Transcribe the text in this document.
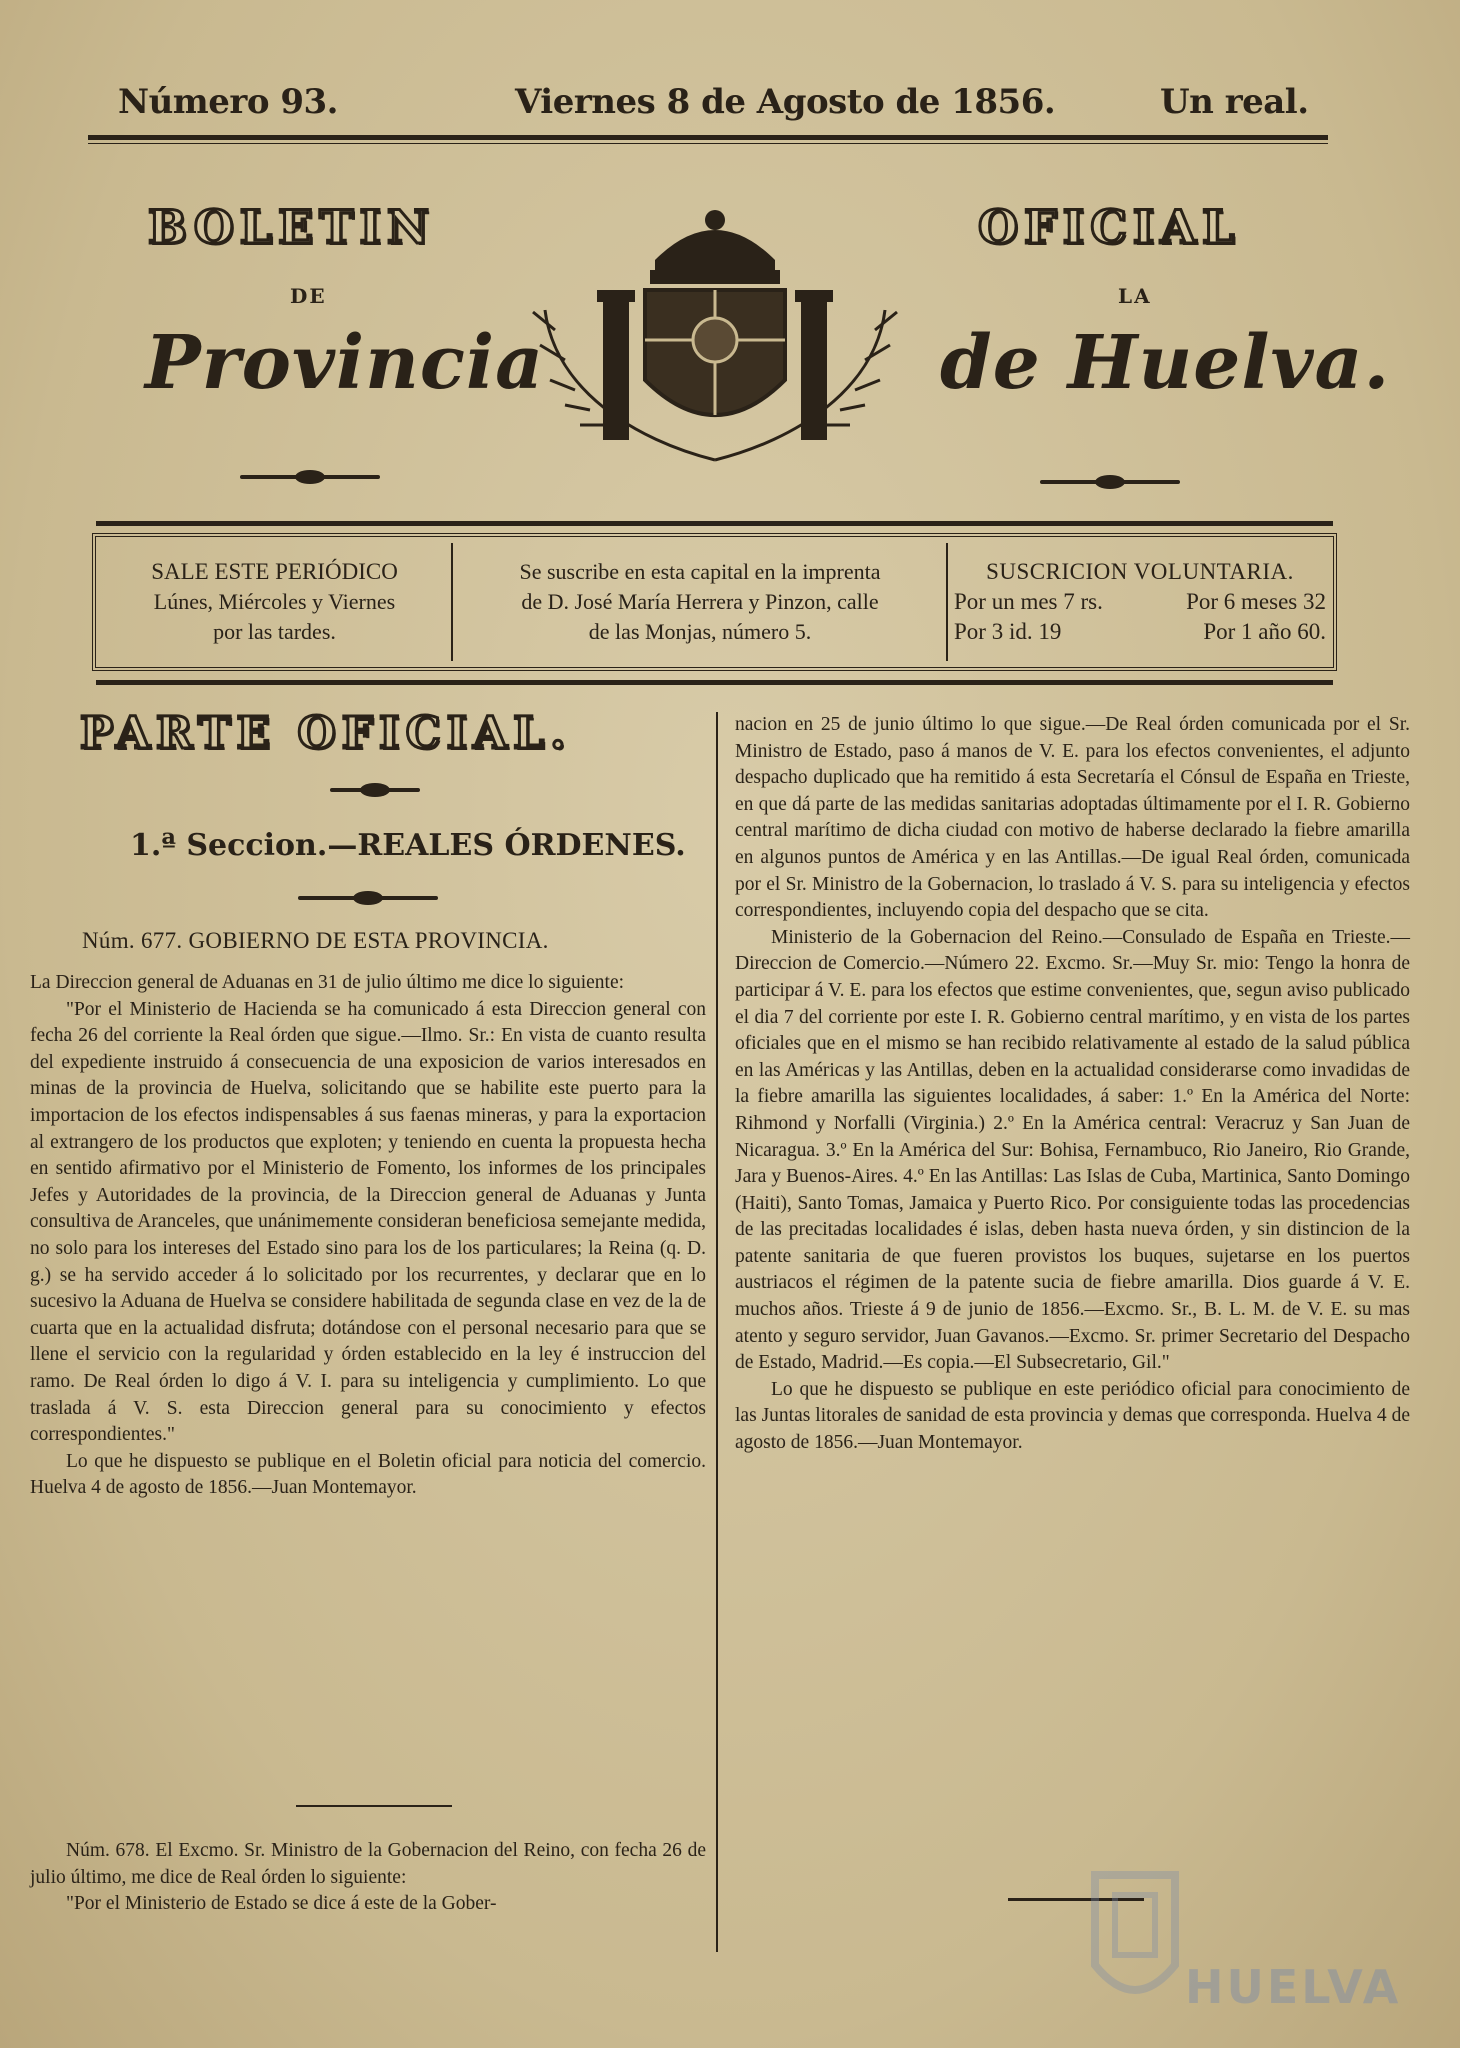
Número 93.	Viernes 8 de Agosto de 1856.	Un real.
BOLETIN	OFICIAL
DE	LA
Provincia	de Huelva.
SALE ESTE PERIÓDICO
Lúnes, Miércoles y Viernes
por las tardes.
Se suscribe en esta capital en la imprenta
de D. José María Herrera y Pinzon, calle
de las Monjas, número 5.
SUSCRICION VOLUNTARIA.
Por un mes 7 rs.	Por 6 meses 32
Por 3 id. 19	Por 1 año 60.
PARTE OFICIAL.
1.ª Seccion.—REALES ÓRDENES.
Núm. 677. GOBIERNO DE ESTA PROVINCIA.

La Direccion general de Aduanas en 31 de julio último me dice lo siguiente:

"Por el Ministerio de Hacienda se ha comunicado á esta Direccion general con fecha 26 del corriente la Real órden que sigue.—Ilmo. Sr.: En vista de cuanto resulta del expediente instruido á consecuencia de una exposicion de varios interesados en minas de la provincia de Huelva, solicitando que se habilite este puerto para la importacion de los efectos indispensables á sus faenas mineras, y para la exportacion al extrangero de los productos que exploten; y teniendo en cuenta la propuesta hecha en sentido afirmativo por el Ministerio de Fomento, los informes de los principales Jefes y Autoridades de la provincia, de la Direccion general de Aduanas y Junta consultiva de Aranceles, que unánimemente consideran beneficiosa semejante medida, no solo para los intereses del Estado sino para los de los particulares; la Reina (q. D. g.) se ha servido acceder á lo solicitado por los recurrentes, y declarar que en lo sucesivo la Aduana de Huelva se considere habilitada de segunda clase en vez de la de cuarta que en la actualidad disfruta; dotándose con el personal necesario para que se llene el servicio con la regularidad y órden establecido en la ley é instruccion del ramo. De Real órden lo digo á V. I. para su inteligencia y cumplimiento. Lo que traslada á V. S. esta Direccion general para su conocimiento y efectos correspondientes."

Lo que he dispuesto se publique en el Boletin oficial para noticia del comercio. Huelva 4 de agosto de 1856.—Juan Montemayor.

Núm. 678. El Excmo. Sr. Ministro de la Gobernacion del Reino, con fecha 26 de julio último, me dice de Real órden lo siguiente:

"Por el Ministerio de Estado se dice á este de la Gober-

nacion en 25 de junio último lo que sigue.—De Real órden comunicada por el Sr. Ministro de Estado, paso á manos de V. E. para los efectos convenientes, el adjunto despacho duplicado que ha remitido á esta Secretaría el Cónsul de España en Trieste, en que dá parte de las medidas sanitarias adoptadas últimamente por el I. R. Gobierno central marítimo de dicha ciudad con motivo de haberse declarado la fiebre amarilla en algunos puntos de América y en las Antillas.—De igual Real órden, comunicada por el Sr. Ministro de la Gobernacion, lo traslado á V. S. para su inteligencia y efectos correspondientes, incluyendo copia del despacho que se cita.

Ministerio de la Gobernacion del Reino.—Consulado de España en Trieste.—Direccion de Comercio.—Número 22. Excmo. Sr.—Muy Sr. mio: Tengo la honra de participar á V. E. para los efectos que estime convenientes, que, segun aviso publicado el dia 7 del corriente por este I. R. Gobierno central marítimo, y en vista de los partes oficiales que en el mismo se han recibido relativamente al estado de la salud pública en las Américas y las Antillas, deben en la actualidad considerarse como invadidas de la fiebre amarilla las siguientes localidades, á saber: 1.º En la América del Norte: Rihmond y Norfalli (Virginia.) 2.º En la América central: Veracruz y San Juan de Nicaragua. 3.º En la América del Sur: Bohisa, Fernambuco, Rio Janeiro, Rio Grande, Jara y Buenos-Aires. 4.º En las Antillas: Las Islas de Cuba, Martinica, Santo Domingo (Haiti), Santo Tomas, Jamaica y Puerto Rico. Por consiguiente todas las procedencias de las precitadas localidades é islas, deben hasta nueva órden, y sin distincion de la patente sanitaria de que fueren provistos los buques, sujetarse en los puertos austriacos el régimen de la patente sucia de fiebre amarilla. Dios guarde á V. E. muchos años. Trieste á 9 de junio de 1856.—Excmo. Sr., B. L. M. de V. E. su mas atento y seguro servidor, Juan Gavanos.—Excmo. Sr. primer Secretario del Despacho de Estado, Madrid.—Es copia.—El Subsecretario, Gil."

Lo que he dispuesto se publique en este periódico oficial para conocimiento de las Juntas litorales de sanidad de esta provincia y demas que corresponda. Huelva 4 de agosto de 1856.—Juan Montemayor.

HUELVA
